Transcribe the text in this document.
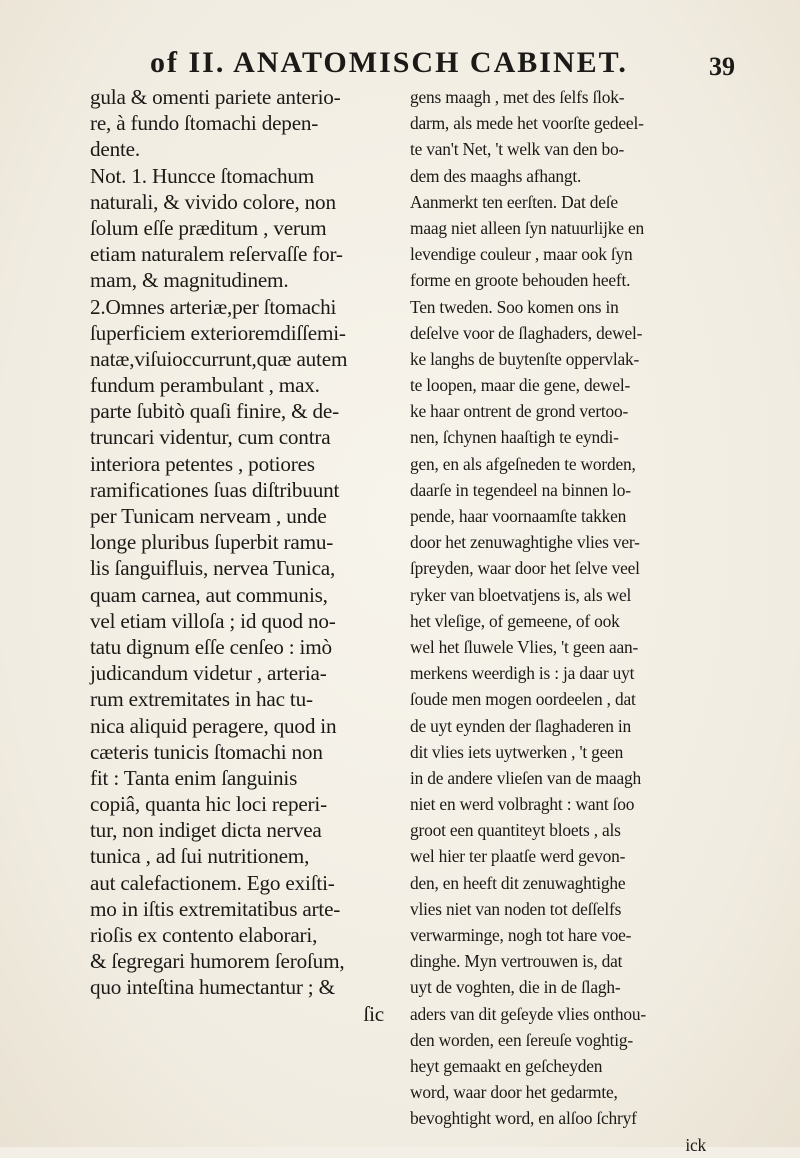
of II. ANATOMISCH CABINET.	39
gula & omenti pariete anterio-
re, à fundo ſtomachi depen-
dente.
Not. 1. Huncce ſtomachum
naturali, & vivido colore, non
ſolum eſſe præditum , verum
etiam naturalem reſervaſſe for-
mam, & magnitudinem.
2.Omnes arteriæ,per ſtomachi
ſuperficiem exterioremdiſſemi-
natæ,viſuioccurrunt,quæ autem
fundum perambulant , max.
parte ſubitò quaſi finire, & de-
truncari videntur, cum contra
interiora petentes , potiores
ramificationes ſuas diſtribuunt
per Tunicam nerveam , unde
longe pluribus ſuperbit ramu-
lis ſanguifluis, nervea Tunica,
quam carnea, aut communis,
vel etiam villoſa ; id quod no-
tatu dignum eſſe cenſeo : imò
judicandum videtur , arteria-
rum extremitates in hac tu-
nica aliquid peragere, quod in
cæteris tunicis ſtomachi non
fit : Tanta enim ſanguinis
copiâ, quanta hic loci reperi-
tur, non indiget dicta nervea
tunica , ad ſui nutritionem,
aut calefactionem. Ego exiſti-
mo in iſtis extremitatibus arte-
rioſis ex contento elaborari,
& ſegregari humorem ſeroſum,
quo inteſtina humectantur ; &
ſic
gens maagh , met des ſelfs ſlok-
darm, als mede het voorſte gedeel-
te van't Net, 't welk van den bo-
dem des maaghs afhangt.
Aanmerkt ten eerſten. Dat deſe
maag niet alleen ſyn natuurlijke en
levendige couleur , maar ook ſyn
forme en groote behouden heeft.
Ten tweden. Soo komen ons in
deſelve voor de ſlaghaders, dewel-
ke langhs de buytenſte oppervlak-
te loopen, maar die gene, dewel-
ke haar ontrent de grond vertoo-
nen, ſchynen haaſtigh te eyndi-
gen, en als afgeſneden te worden,
daarſe in tegendeel na binnen lo-
pende, haar voornaamſte takken
door het zenuwaghtighe vlies ver-
ſpreyden, waar door het ſelve veel
ryker van bloetvatjens is, als wel
het vleſige, of gemeene, of ook
wel het ſluwele Vlies, 't geen aan-
merkens weerdigh is : ja daar uyt
ſoude men mogen oordeelen , dat
de uyt eynden der ſlaghaderen in
dit vlies iets uytwerken , 't geen
in de andere vlieſen van de maagh
niet en werd volbraght : want ſoo
groot een quantiteyt bloets , als
wel hier ter plaatſe werd gevon-
den, en heeft dit zenuwaghtighe
vlies niet van noden tot deſſelfs
verwarminge, nogh tot hare voe-
dinghe. Myn vertrouwen is, dat
uyt de voghten, die in de ſlagh-
aders van dit geſeyde vlies onthou-
den worden, een ſereuſe voghtig-
heyt gemaakt en geſcheyden
word, waar door het gedarmte,
bevoghtight word, en alſoo ſchryf
ick
